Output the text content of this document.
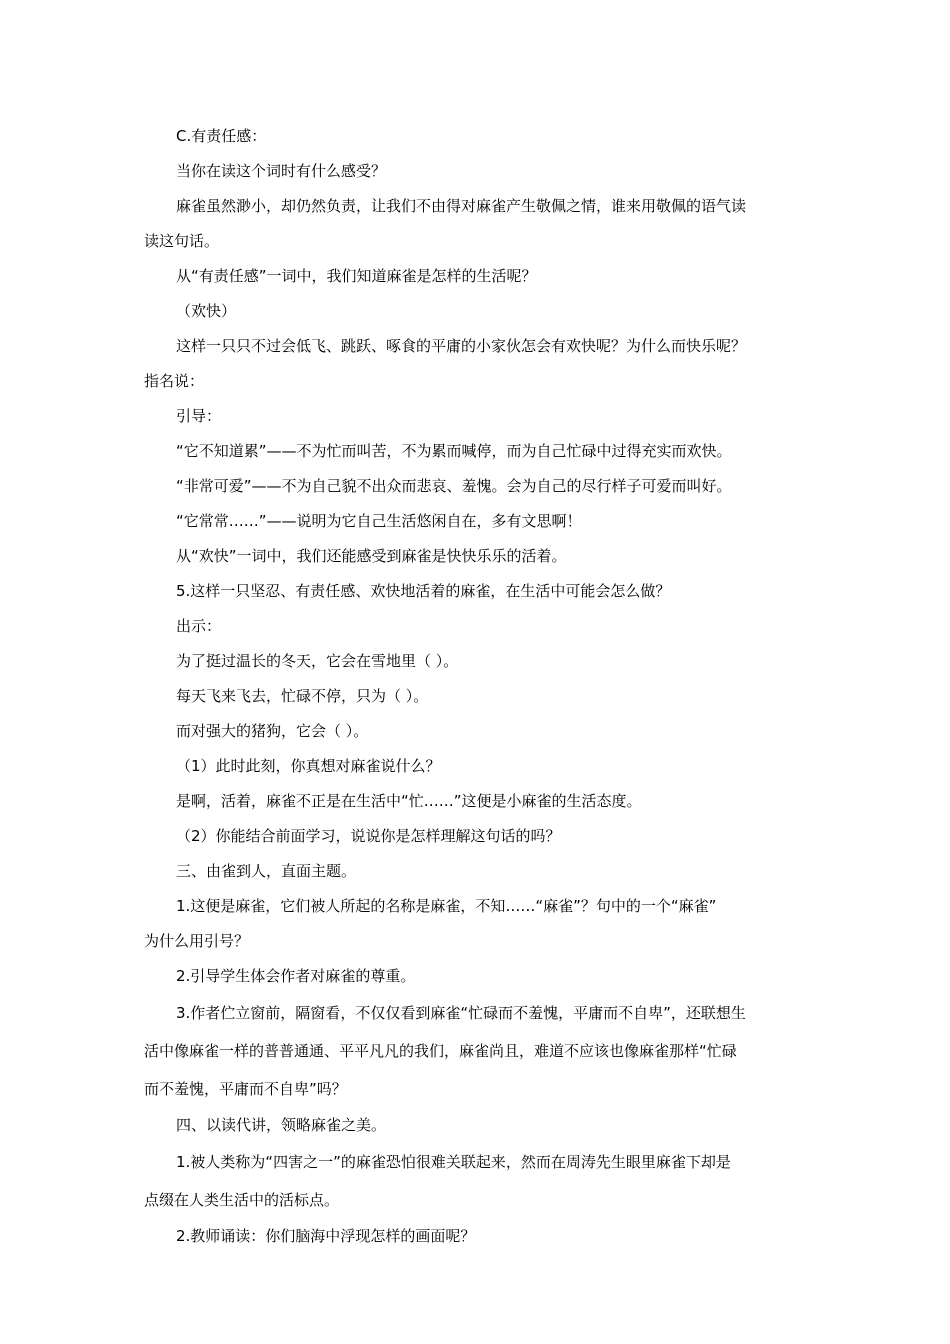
C.有责任感：
当你在读这个词时有什么感受？
麻雀虽然渺小，却仍然负责，让我们不由得对麻雀产生敬佩之情，谁来用敬佩的语气读
读这句话。
从“有责任感”一词中，我们知道麻雀是怎样的生活呢？
（欢快）
这样一只只不过会低飞、跳跃、啄食的平庸的小家伙怎会有欢快呢？为什么而快乐呢？
指名说：
引导：
“它不知道累”——不为忙而叫苦，不为累而喊停，而为自己忙碌中过得充实而欢快。
“非常可爱”——不为自己貌不出众而悲哀、羞愧。会为自己的尽行样子可爱而叫好。
“它常常……”——说明为它自己生活悠闲自在，多有文思啊！
从“欢快”一词中，我们还能感受到麻雀是快快乐乐的活着。
5.这样一只坚忍、有责任感、欢快地活着的麻雀，在生活中可能会怎么做？
出示：
为了挺过温长的冬天，它会在雪地里（ ）。
每天飞来飞去，忙碌不停，只为（ ）。
而对强大的猪狗，它会（ ）。
（1）此时此刻，你真想对麻雀说什么？
是啊，活着，麻雀不正是在生活中“忙……”这便是小麻雀的生活态度。
（2）你能结合前面学习，说说你是怎样理解这句话的吗？
三、由雀到人，直面主题。
1.这便是麻雀，它们被人所起的名称是麻雀，不知……“麻雀”？句中的一个“麻雀”
为什么用引号？
2.引导学生体会作者对麻雀的尊重。
3.作者伫立窗前，隔窗看，不仅仅看到麻雀“忙碌而不羞愧，平庸而不自卑”，还联想生
活中像麻雀一样的普普通通、平平凡凡的我们，麻雀尚且，难道不应该也像麻雀那样“忙碌
而不羞愧，平庸而不自卑”吗？
四、以读代讲，领略麻雀之美。
1.被人类称为“四害之一”的麻雀恐怕很难关联起来，然而在周涛先生眼里麻雀下却是
点缀在人类生活中的活标点。
2.教师诵读：你们脑海中浮现怎样的画面呢？
